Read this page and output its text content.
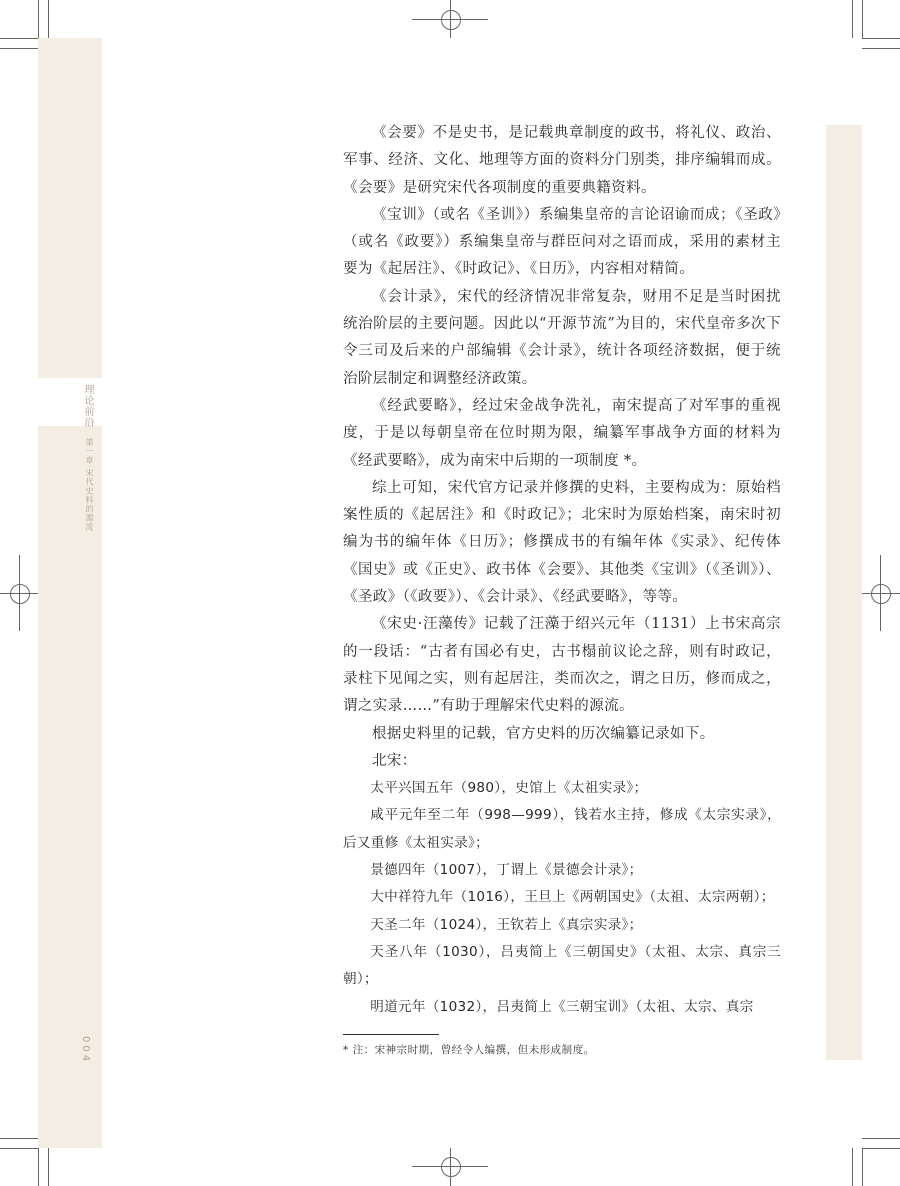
理论前沿
第一章·宋代史料的源流
004

《会要》不是史书，是记载典章制度的政书，将礼仪、政治、军事、经济、文化、地理等方面的资料分门别类，排序编辑而成。《会要》是研究宋代各项制度的重要典籍资料。

《宝训》（或名《圣训》）系编集皇帝的言论诏谕而成；《圣政》（或名《政要》）系编集皇帝与群臣问对之语而成，采用的素材主要为《起居注》、《时政记》、《日历》，内容相对精简。

《会计录》，宋代的经济情况非常复杂，财用不足是当时困扰统治阶层的主要问题。因此以“开源节流”为目的，宋代皇帝多次下令三司及后来的户部编辑《会计录》，统计各项经济数据，便于统治阶层制定和调整经济政策。

《经武要略》，经过宋金战争洗礼，南宋提高了对军事的重视度，于是以每朝皇帝在位时期为限，编纂军事战争方面的材料为《经武要略》，成为南宋中后期的一项制度 *。

综上可知，宋代官方记录并修撰的史料，主要构成为：原始档案性质的《起居注》和《时政记》；北宋时为原始档案，南宋时初编为书的编年体《日历》；修撰成书的有编年体《实录》、纪传体《国史》或《正史》、政书体《会要》、其他类《宝训》（《圣训》）、《圣政》（《政要》）、《会计录》、《经武要略》，等等。

《宋史·汪藻传》记载了汪藻于绍兴元年（1131）上书宋高宗的一段话：“古者有国必有史，古书榻前议论之辞，则有时政记，录柱下见闻之实，则有起居注，类而次之，谓之日历，修而成之，谓之实录……”有助于理解宋代史料的源流。

根据史料里的记载，官方史料的历次编纂记录如下。

北宋：

太平兴国五年（980），史馆上《太祖实录》；

咸平元年至二年（998—999），钱若水主持，修成《太宗实录》，后又重修《太祖实录》；

景德四年（1007），丁谓上《景德会计录》；

大中祥符九年（1016），王旦上《两朝国史》（太祖、太宗两朝）；

天圣二年（1024），王钦若上《真宗实录》；

天圣八年（1030），吕夷简上《三朝国史》（太祖、太宗、真宗三朝）；

明道元年（1032），吕夷简上《三朝宝训》（太祖、太宗、真宗

* 注：宋神宗时期，曾经令人编撰，但未形成制度。
